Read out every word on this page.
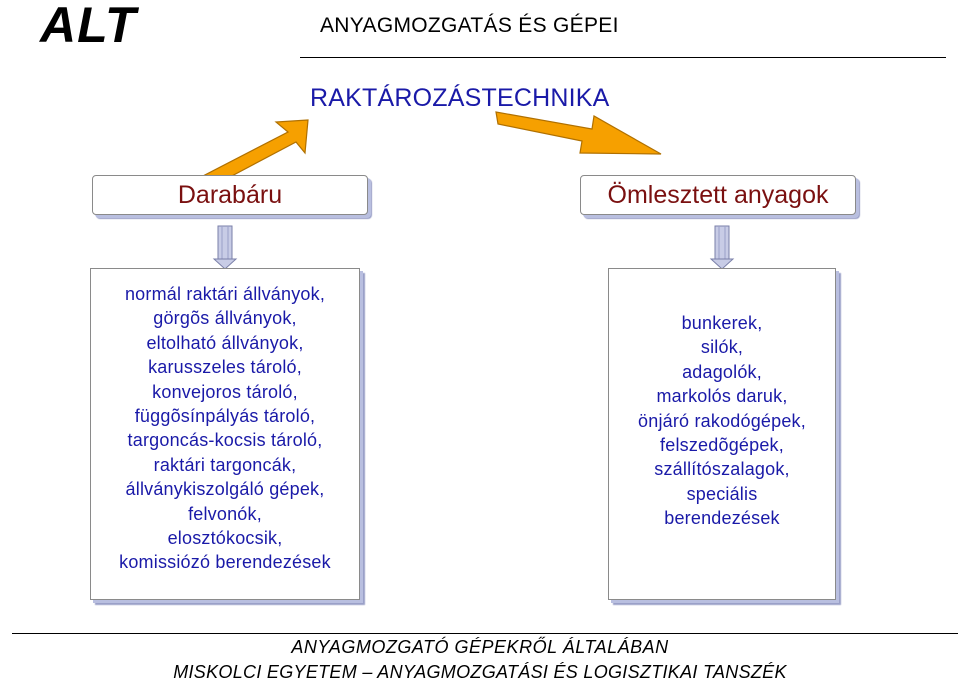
ALT	ANYAGMOZGATÁS ÉS GÉPEI
RAKTÁROZÁSTECHNIKA
Darabáru	Ömlesztett anyagok
normál raktári állványok,
görgõs állványok,
eltolható állványok,
karusszeles tároló,
konvejoros tároló,
függõsínpályás tároló,
targoncás-kocsis tároló,
raktári targoncák,
állványkiszolgáló gépek,
felvonók,
elosztókocsik,
komissiózó berendezések
bunkerek,
silók,
adagolók,
markolós daruk,
önjáró rakodógépek,
felszedõgépek,
szállítószalagok,
speciális
berendezések
ANYAGMOZGATÓ GÉPEKRŐL ÁLTALÁBAN
MISKOLCI EGYETEM – ANYAGMOZGATÁSI ÉS LOGISZTIKAI TANSZÉK
